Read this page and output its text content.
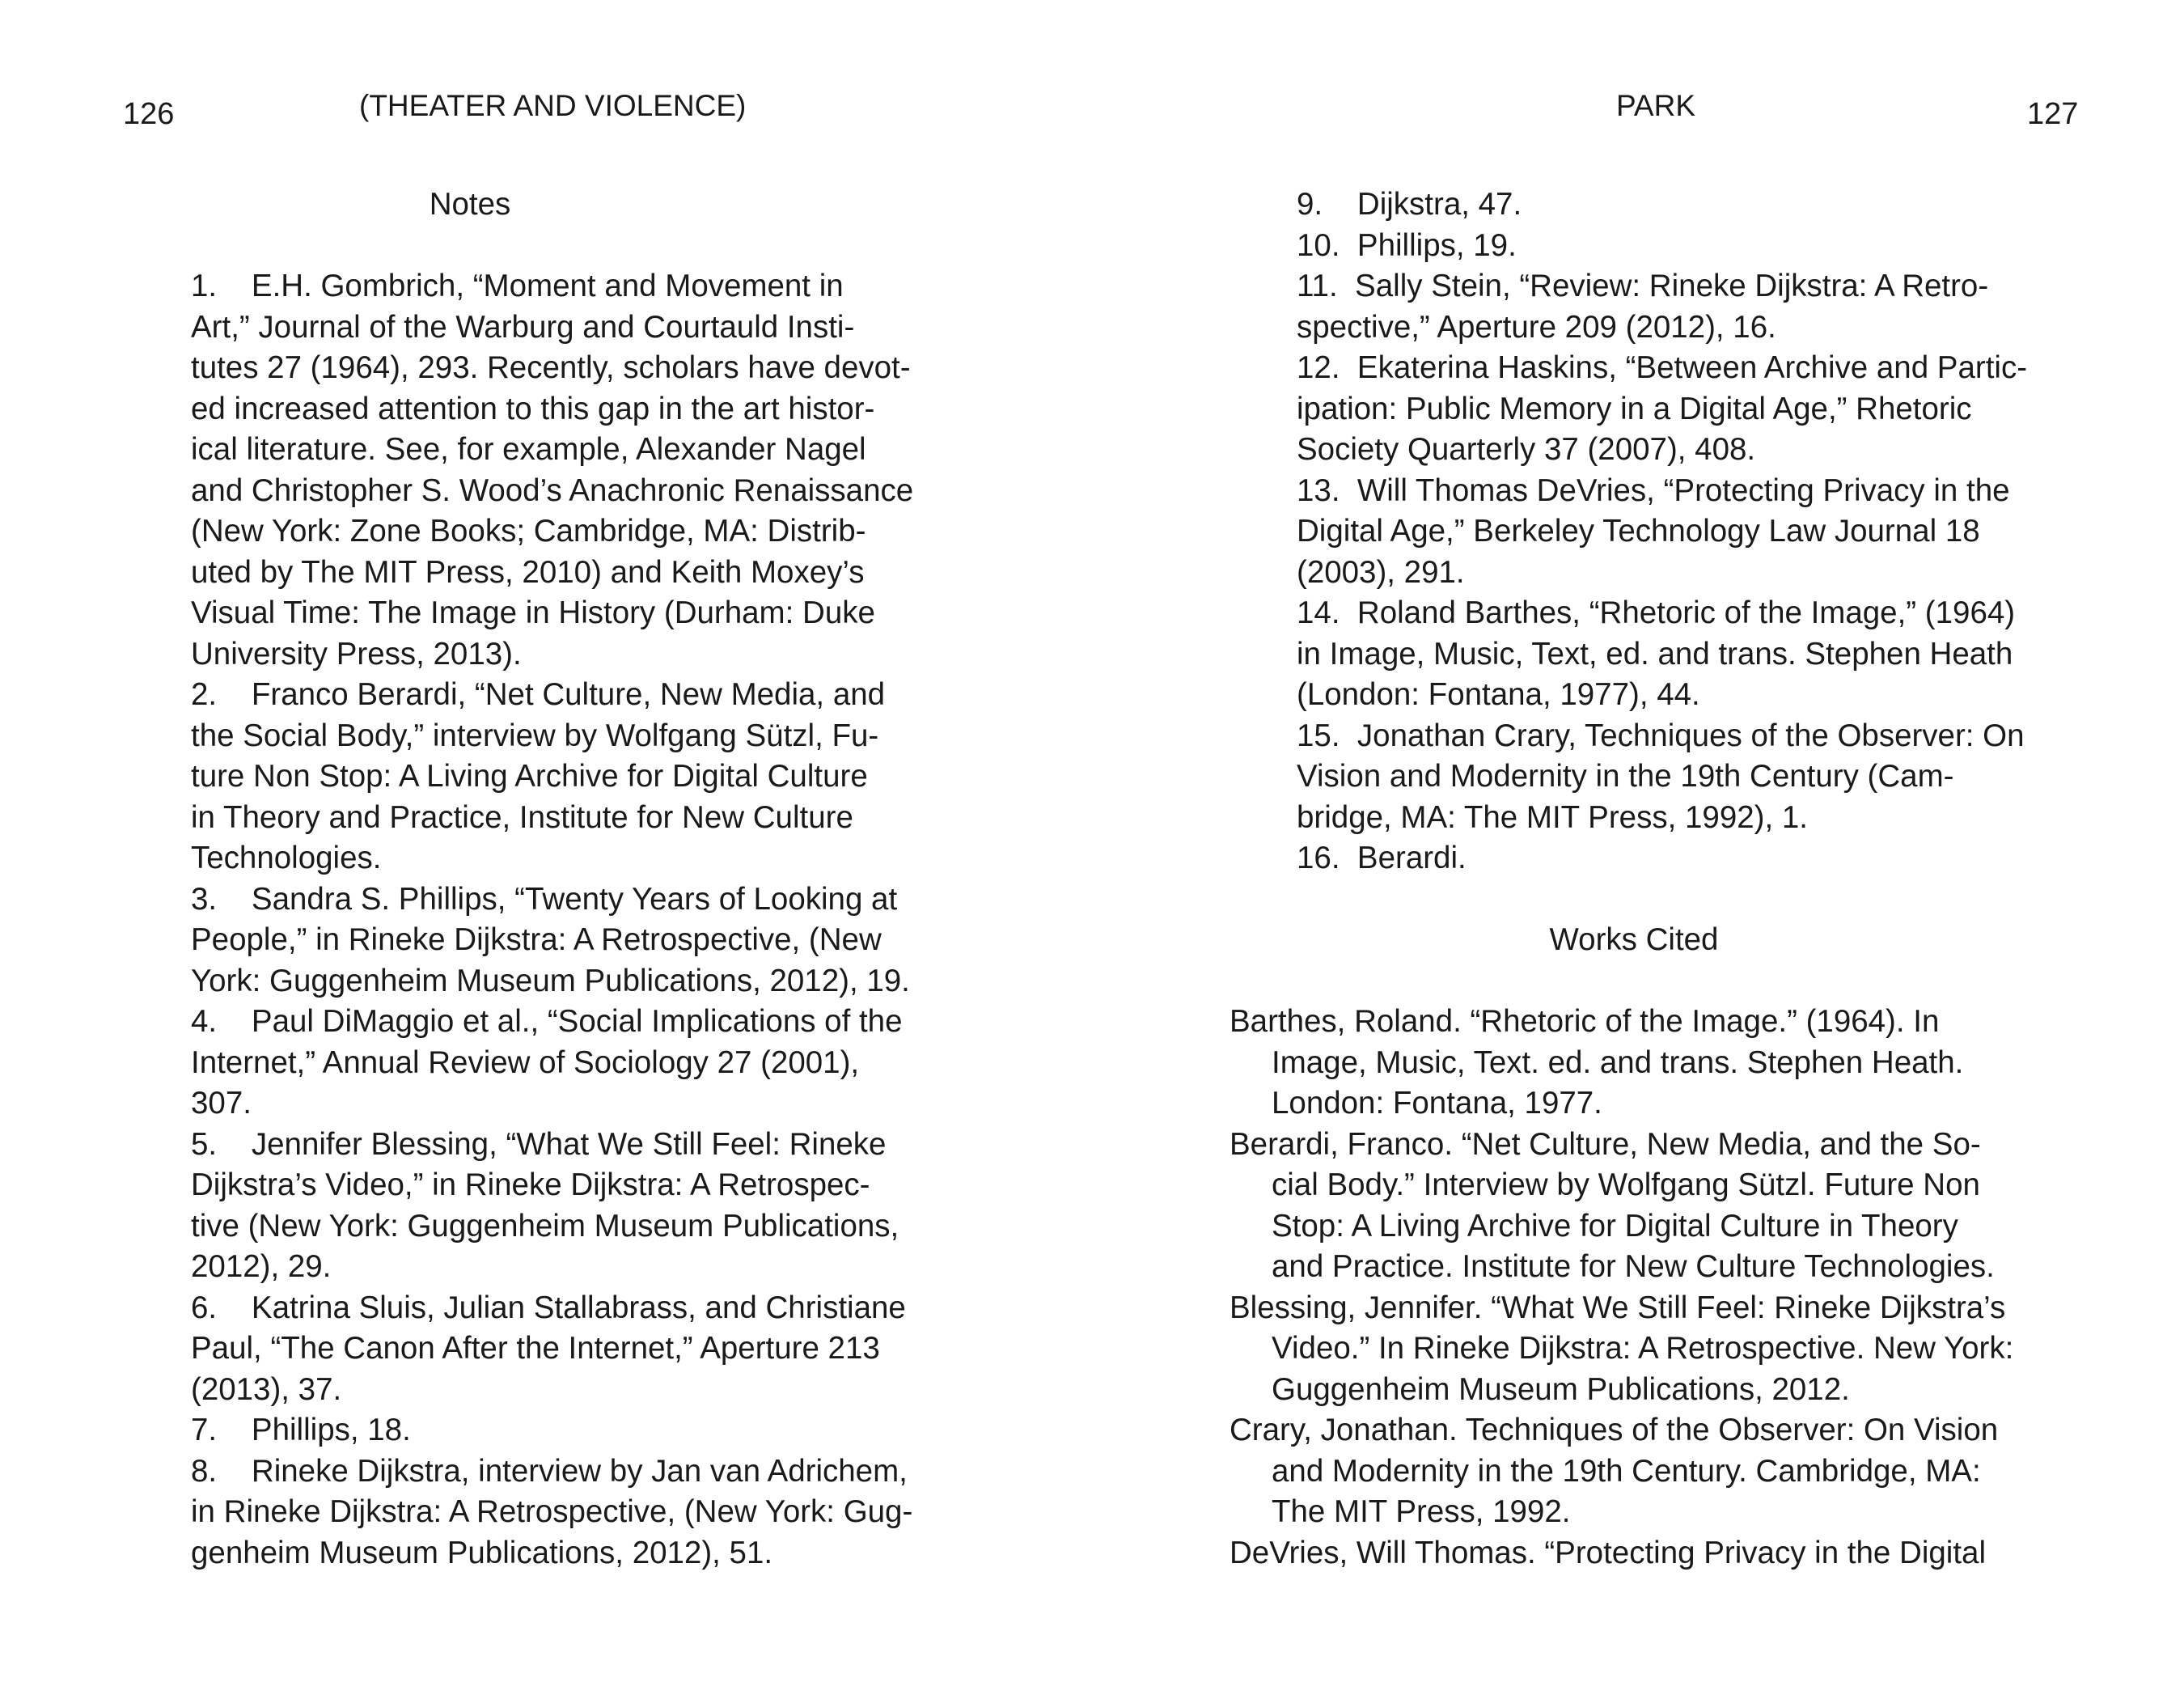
126	(THEATER AND VIOLENCE)
Notes
1.    E.H. Gombrich, “Moment and Movement in
Art,” Journal of the Warburg and Courtauld Insti-
tutes 27 (1964), 293. Recently, scholars have devot-
ed increased attention to this gap in the art histor-
ical literature. See, for example, Alexander Nagel
and Christopher S. Wood’s Anachronic Renaissance
(New York: Zone Books; Cambridge, MA: Distrib-
uted by The MIT Press, 2010) and Keith Moxey’s
Visual Time: The Image in History (Durham: Duke
University Press, 2013).
2.    Franco Berardi, “Net Culture, New Media, and
the Social Body,” interview by Wolfgang Sützl, Fu-
ture Non Stop: A Living Archive for Digital Culture
in Theory and Practice, Institute for New Culture
Technologies.
3.    Sandra S. Phillips, “Twenty Years of Looking at
People,” in Rineke Dijkstra: A Retrospective, (New
York: Guggenheim Museum Publications, 2012), 19.
4.    Paul DiMaggio et al., “Social Implications of the
Internet,” Annual Review of Sociology 27 (2001),
307.
5.    Jennifer Blessing, “What We Still Feel: Rineke
Dijkstra’s Video,” in Rineke Dijkstra: A Retrospec-
tive (New York: Guggenheim Museum Publications,
2012), 29.
6.    Katrina Sluis, Julian Stallabrass, and Christiane
Paul, “The Canon After the Internet,” Aperture 213
(2013), 37.
7.    Phillips, 18.
8.    Rineke Dijkstra, interview by Jan van Adrichem,
in Rineke Dijkstra: A Retrospective, (New York: Gug-
genheim Museum Publications, 2012), 51.
PARK	127
9.    Dijkstra, 47.
10.  Phillips, 19.
11.  Sally Stein, “Review: Rineke Dijkstra: A Retro-
spective,” Aperture 209 (2012), 16.
12.  Ekaterina Haskins, “Between Archive and Partic-
ipation: Public Memory in a Digital Age,” Rhetoric
Society Quarterly 37 (2007), 408.
13.  Will Thomas DeVries, “Protecting Privacy in the
Digital Age,” Berkeley Technology Law Journal 18
(2003), 291.
14.  Roland Barthes, “Rhetoric of the Image,” (1964)
in Image, Music, Text, ed. and trans. Stephen Heath
(London: Fontana, 1977), 44.
15.  Jonathan Crary, Techniques of the Observer: On
Vision and Modernity in the 19th Century (Cam-
bridge, MA: The MIT Press, 1992), 1.
16.  Berardi.
Works Cited
Barthes, Roland. “Rhetoric of the Image.” (1964). In
Image, Music, Text. ed. and trans. Stephen Heath.
London: Fontana, 1977.
Berardi, Franco. “Net Culture, New Media, and the So-
cial Body.” Interview by Wolfgang Sützl. Future Non
Stop: A Living Archive for Digital Culture in Theory
and Practice. Institute for New Culture Technologies.
Blessing, Jennifer. “What We Still Feel: Rineke Dijkstra’s
Video.” In Rineke Dijkstra: A Retrospective. New York:
Guggenheim Museum Publications, 2012.
Crary, Jonathan. Techniques of the Observer: On Vision
and Modernity in the 19th Century. Cambridge, MA:
The MIT Press, 1992.
DeVries, Will Thomas. “Protecting Privacy in the Digital
